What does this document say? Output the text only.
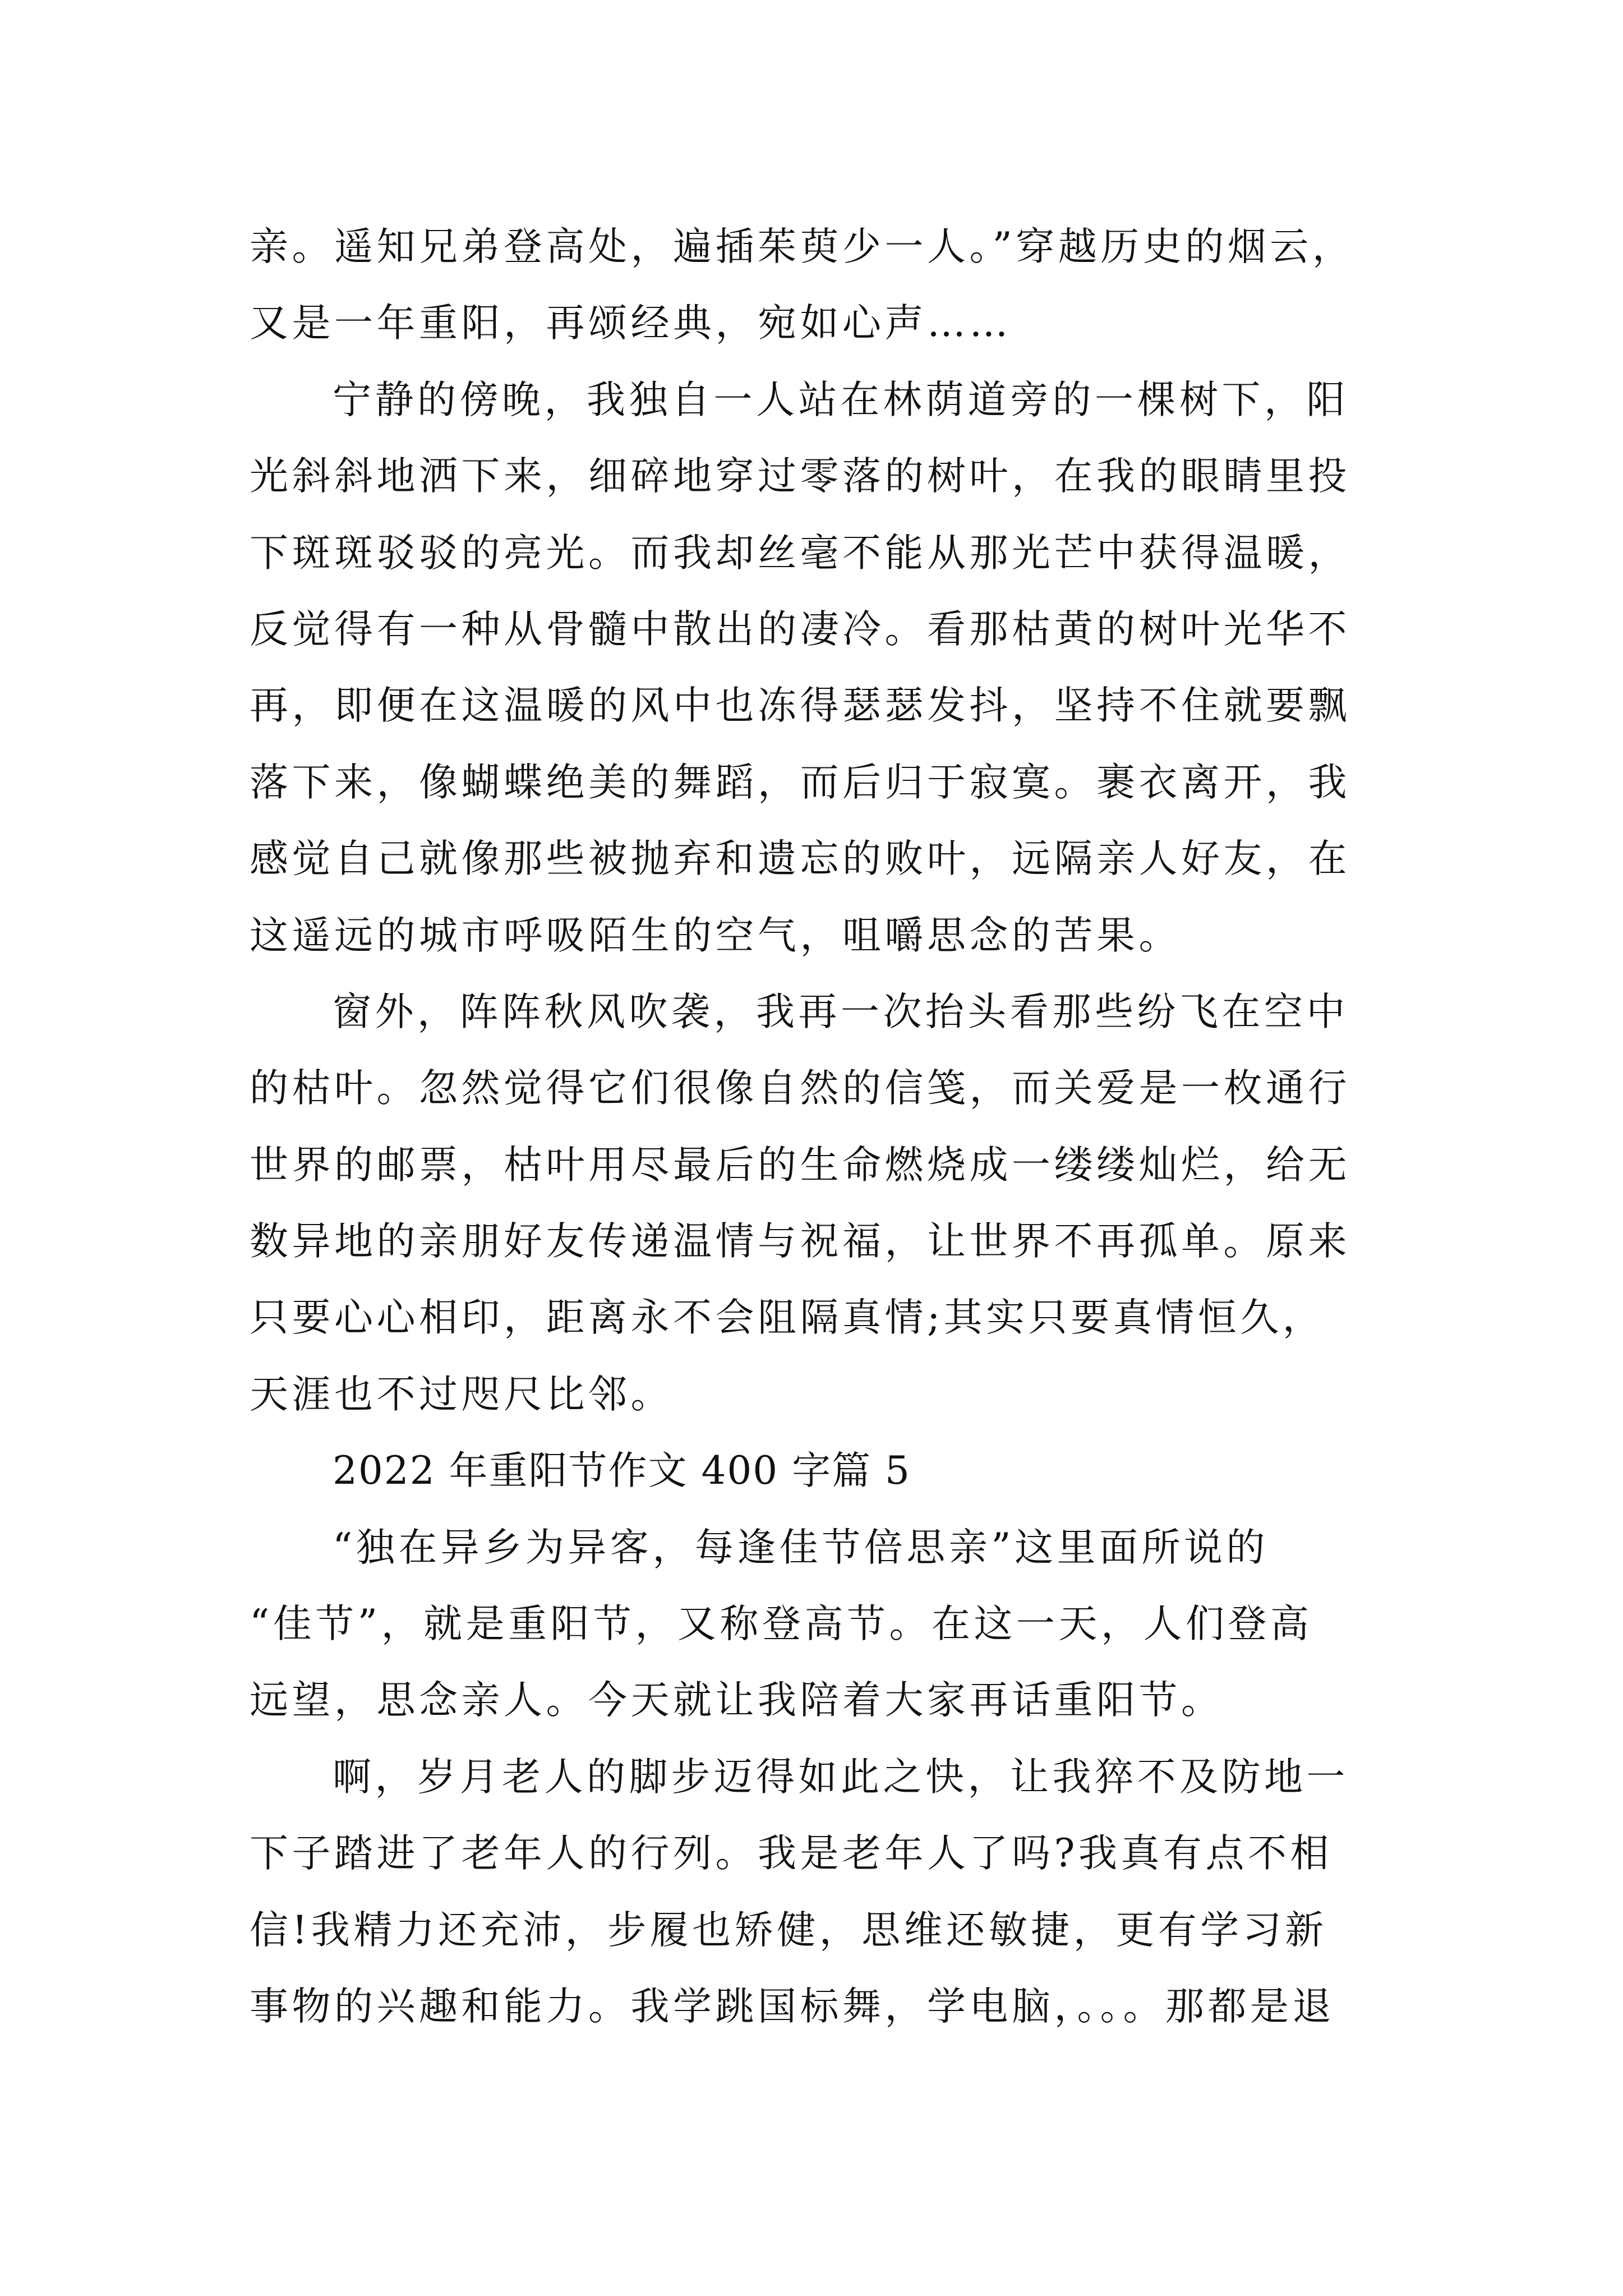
亲。遥知兄弟登高处，遍插茱萸少一人。”穿越历史的烟云，
又是一年重阳，再颂经典，宛如心声……
宁静的傍晚，我独自一人站在林荫道旁的一棵树下，阳
光斜斜地洒下来，细碎地穿过零落的树叶，在我的眼睛里投
下斑斑驳驳的亮光。而我却丝毫不能从那光芒中获得温暖，
反觉得有一种从骨髓中散出的凄冷。看那枯黄的树叶光华不
再，即便在这温暖的风中也冻得瑟瑟发抖，坚持不住就要飘
落下来，像蝴蝶绝美的舞蹈，而后归于寂寞。裹衣离开，我
感觉自己就像那些被抛弃和遗忘的败叶，远隔亲人好友，在
这遥远的城市呼吸陌生的空气，咀嚼思念的苦果。
窗外，阵阵秋风吹袭，我再一次抬头看那些纷飞在空中
的枯叶。忽然觉得它们很像自然的信笺，而关爱是一枚通行
世界的邮票，枯叶用尽最后的生命燃烧成一缕缕灿烂，给无
数异地的亲朋好友传递温情与祝福，让世界不再孤单。原来
只要心心相印，距离永不会阻隔真情;其实只要真情恒久，
天涯也不过咫尺比邻。
2022 年重阳节作文 400 字篇 5
“独在异乡为异客，每逢佳节倍思亲”这里面所说的
“佳节”，就是重阳节，又称登高节。在这一天，人们登高
远望，思念亲人。今天就让我陪着大家再话重阳节。
啊，岁月老人的脚步迈得如此之快，让我猝不及防地一
下子踏进了老年人的行列。我是老年人了吗?我真有点不相
信!我精力还充沛，步履也矫健，思维还敏捷，更有学习新
事物的兴趣和能力。我学跳国标舞，学电脑，。。。那都是退
